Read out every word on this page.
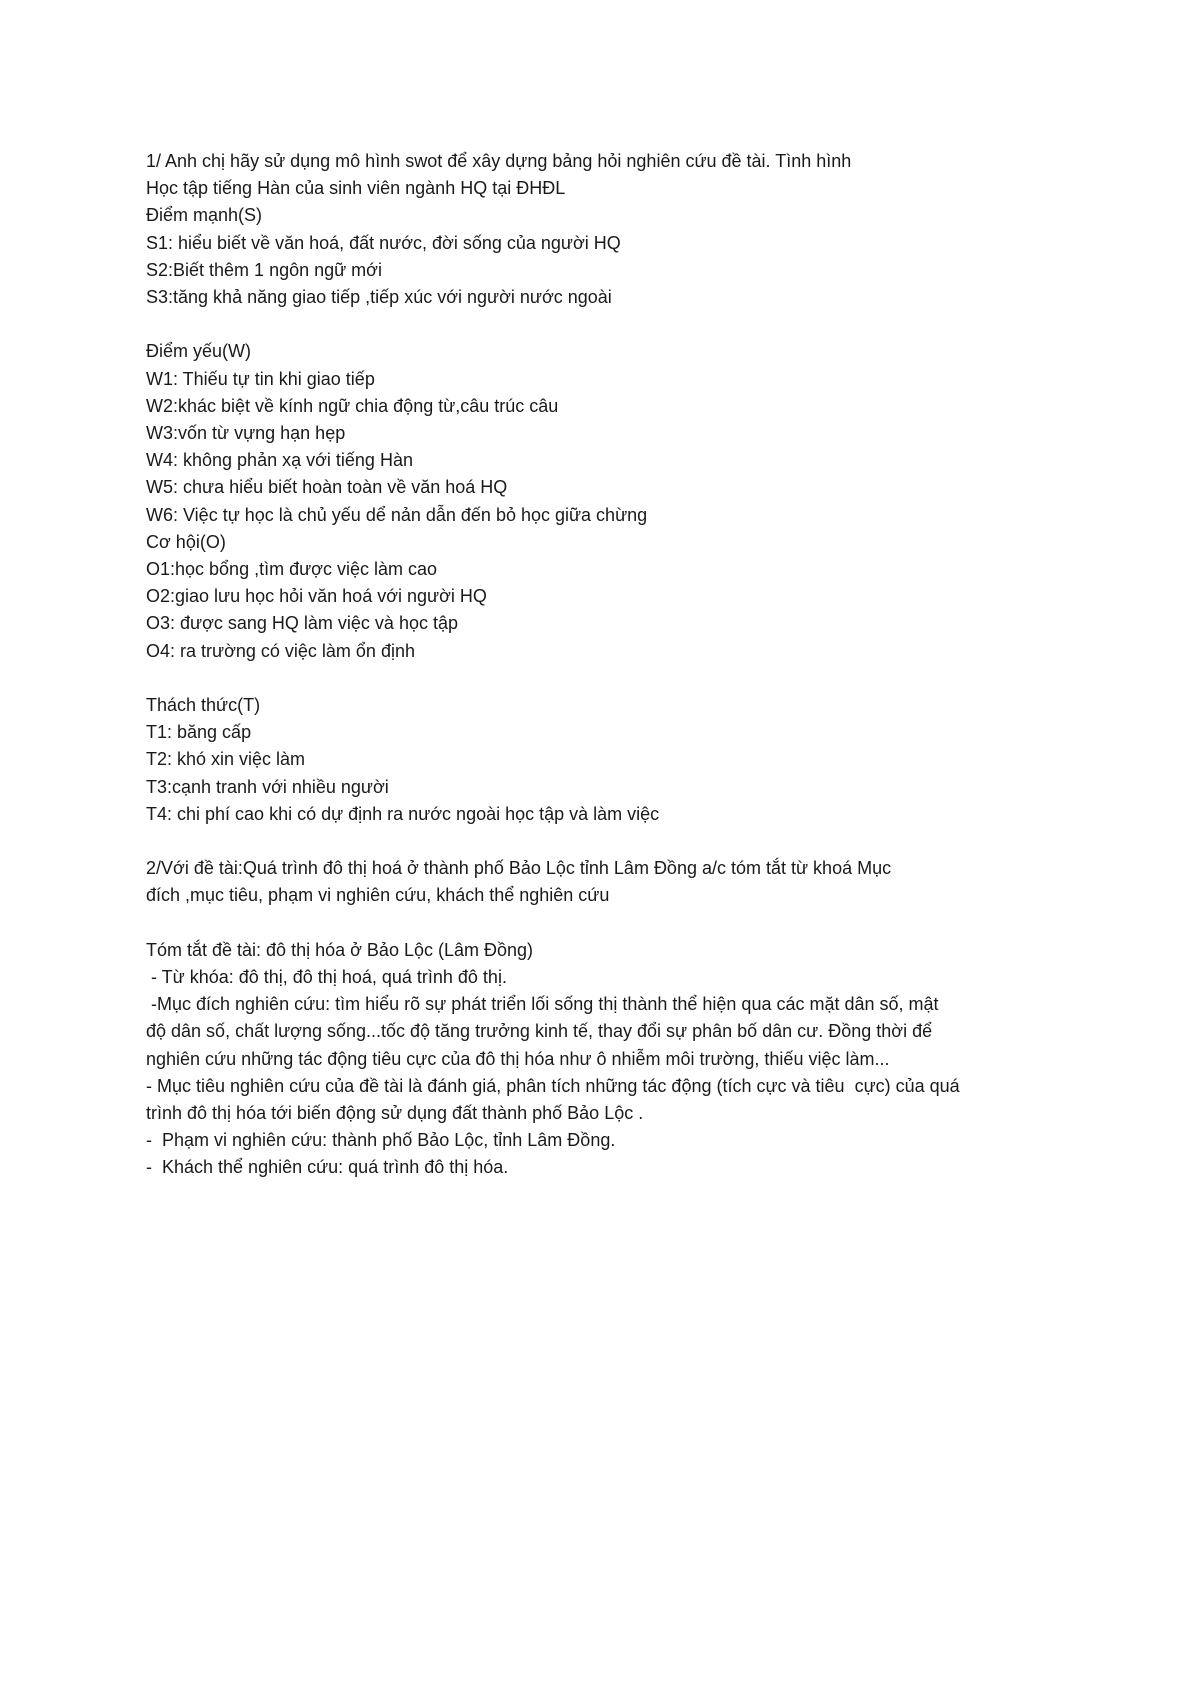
1/ Anh chị hãy sử dụng mô hình swot để xây dựng bảng hỏi nghiên cứu đề tài. Tình hình
Học tập tiếng Hàn của sinh viên ngành HQ tại ĐHĐL
Điểm mạnh(S)
S1: hiểu biết về văn hoá, đất nước, đời sống của người HQ
S2:Biết thêm 1 ngôn ngữ mới
S3:tăng khả năng giao tiếp ,tiếp xúc với người nước ngoài
Điểm yếu(W)
W1: Thiếu tự tin khi giao tiếp
W2:khác biệt về kính ngữ chia động từ,câu trúc câu
W3:vốn từ vựng hạn hẹp
W4: không phản xạ với tiếng Hàn
W5: chưa hiểu biết hoàn toàn về văn hoá HQ
W6: Việc tự học là chủ yếu dể nản dẫn đến bỏ học giữa chừng
Cơ hội(O)
O1:học bổng ,tìm được việc làm cao
O2:giao lưu học hỏi văn hoá với người HQ
O3: được sang HQ làm việc và học tập
O4: ra trường có việc làm ổn định
Thách thức(T)
T1: băng cấp
T2: khó xin việc làm
T3:cạnh tranh với nhiều người
T4: chi phí cao khi có dự định ra nước ngoài học tập và làm việc
2/Với đề tài:Quá trình đô thị hoá ở thành phố Bảo Lộc tỉnh Lâm Đồng a/c tóm tắt từ khoá Mục
đích ,mục tiêu, phạm vi nghiên cứu, khách thể nghiên cứu
Tóm tắt đề tài: đô thị hóa ở Bảo Lộc (Lâm Đồng)
- Từ khóa: đô thị, đô thị hoá, quá trình đô thị.
-Mục đích nghiên cứu: tìm hiểu rõ sự phát triển lối sống thị thành thể hiện qua các mặt dân số, mật
độ dân số, chất lượng sống...tốc độ tăng trưởng kinh tế, thay đổi sự phân bố dân cư. Đồng thời để
nghiên cứu những tác động tiêu cực của đô thị hóa như ô nhiễm môi trường, thiếu việc làm...
- Mục tiêu nghiên cứu của đề tài là đánh giá, phân tích những tác động (tích cực và tiêu  cực) của quá
trình đô thị hóa tới biến động sử dụng đất thành phố Bảo Lộc .
-  Phạm vi nghiên cứu: thành phố Bảo Lộc, tỉnh Lâm Đồng.
-  Khách thể nghiên cứu: quá trình đô thị hóa.
